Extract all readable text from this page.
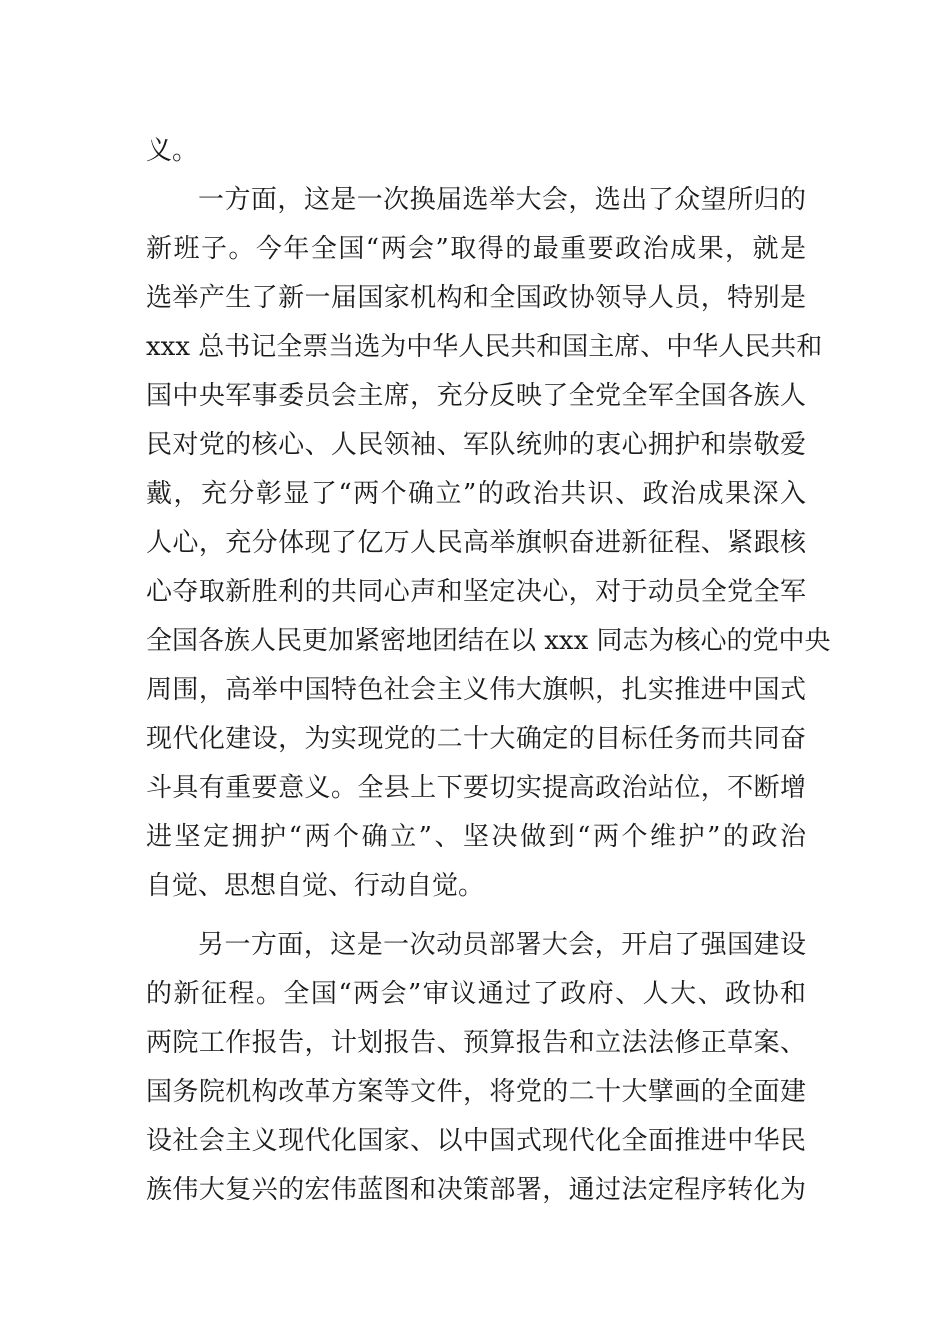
义。
一方面，这是一次换届选举大会，选出了众望所归的
新班子。今年全国“两会”取得的最重要政治成果，就是
选举产生了新一届国家机构和全国政协领导人员，特别是
xxx 总书记全票当选为中华人民共和国主席、中华人民共和
国中央军事委员会主席，充分反映了全党全军全国各族人
民对党的核心、人民领袖、军队统帅的衷心拥护和崇敬爱
戴，充分彰显了“两个确立”的政治共识、政治成果深入
人心，充分体现了亿万人民高举旗帜奋进新征程、紧跟核
心夺取新胜利的共同心声和坚定决心，对于动员全党全军
全国各族人民更加紧密地团结在以 xxx 同志为核心的党中央
周围，高举中国特色社会主义伟大旗帜，扎实推进中国式
现代化建设，为实现党的二十大确定的目标任务而共同奋
斗具有重要意义。全县上下要切实提高政治站位，不断增
进坚定拥护“两个确立”、坚决做到“两个维护”的政治
自觉、思想自觉、行动自觉。
另一方面，这是一次动员部署大会，开启了强国建设
的新征程。全国“两会”审议通过了政府、人大、政协和
两院工作报告，计划报告、预算报告和立法法修正草案、
国务院机构改革方案等文件，将党的二十大擘画的全面建
设社会主义现代化国家、以中国式现代化全面推进中华民
族伟大复兴的宏伟蓝图和决策部署，通过法定程序转化为
